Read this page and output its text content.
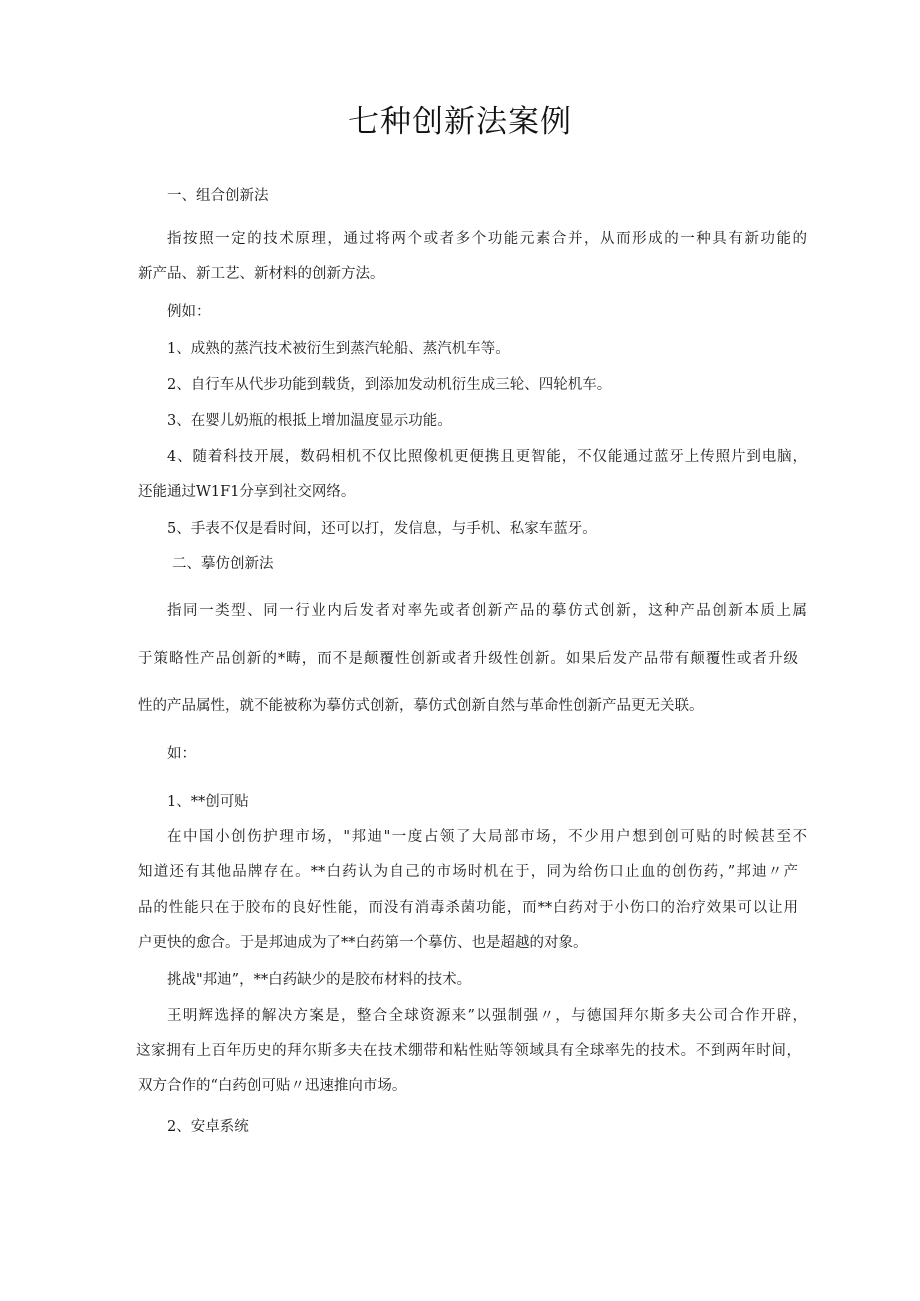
七种创新法案例
一、组合创新法
指按照一定的技术原理，通过将两个或者多个功能元素合并，从而形成的一种具有新功能的
新产品、新工艺、新材料的创新方法。
例如：
1、成熟的蒸汽技术被衍生到蒸汽轮船、蒸汽机车等。
2、自行车从代步功能到载货，到添加发动机衍生成三轮、四轮机车。
3、在婴儿奶瓶的根抵上增加温度显示功能。
4、随着科技开展，数码相机不仅比照像机更便携且更智能，不仅能通过蓝牙上传照片到电脑，
还能通过W1F1分享到社交网络。
5、手表不仅是看时间，还可以打，发信息，与手机、私家车蓝牙。
二、摹仿创新法
指同一类型、同一行业内后发者对率先或者创新产品的摹仿式创新，这种产品创新本质上属
于策略性产品创新的*畴，而不是颠覆性创新或者升级性创新。如果后发产品带有颠覆性或者升级
性的产品属性，就不能被称为摹仿式创新，摹仿式创新自然与革命性创新产品更无关联。
如：
1、**创可贴
在中国小创伤护理市场，"邦迪"一度占领了大局部市场，不少用户想到创可贴的时候甚至不
知道还有其他品牌存在。**白药认为自己的市场时机在于，同为给伤口止血的创伤药，”邦迪〃产
品的性能只在于胶布的良好性能，而没有消毒杀菌功能，而**白药对于小伤口的治疗效果可以让用
户更快的愈合。于是邦迪成为了**白药第一个摹仿、也是超越的对象。
挑战"邦迪”，**白药缺少的是胶布材料的技术。
王明辉选择的解决方案是，整合全球资源来”以强制强〃，与德国拜尔斯多夫公司合作开辟，
这家拥有上百年历史的拜尔斯多夫在技术绷带和粘性贴等领域具有全球率先的技术。不到两年时间，
双方合作的“白药创可贴〃迅速推向市场。
2、安卓系统
